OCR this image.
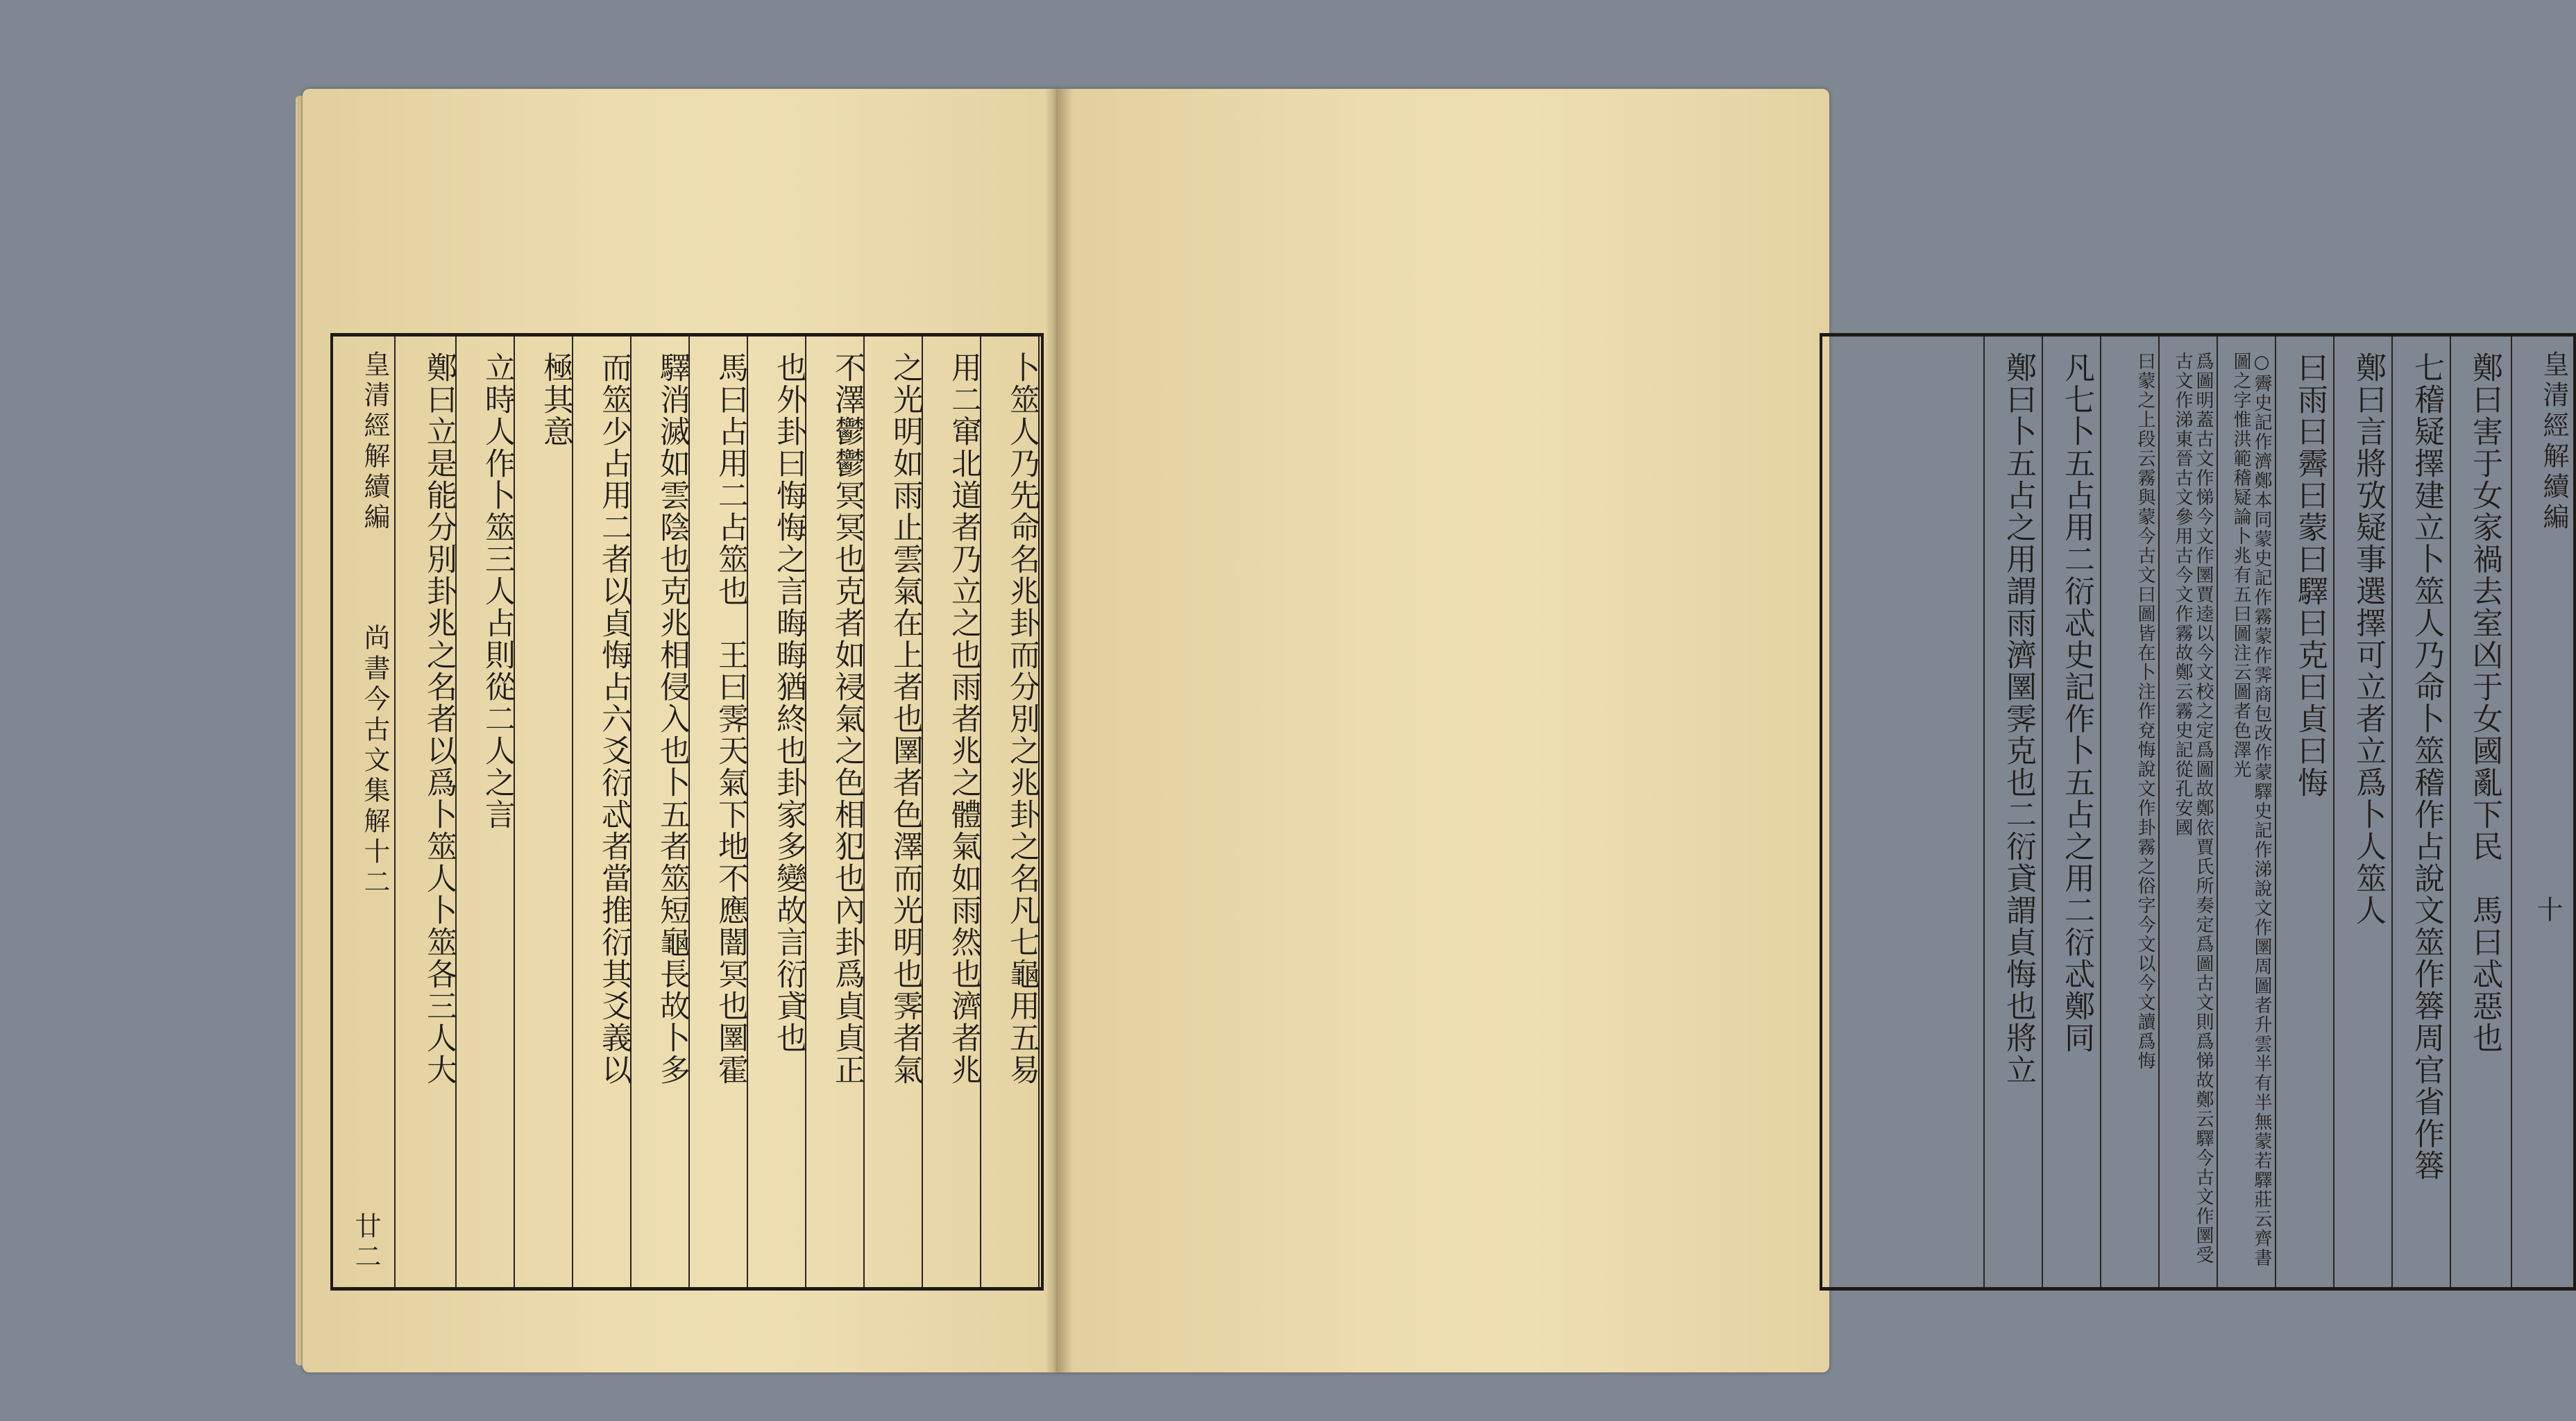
皇清經解續編  尚書今古文集解十二
廿二
鄭曰立是能分別卦兆之名者以爲卜筮人卜筮各三人大 立時人作卜筮三人占則從二人之言 極其意 而筮少占用二者以貞悔占六爻衍忒者當推衍其爻義以 驛消滅如雲陰也克兆相侵入也卜五者筮短龜長故卜多 馬曰占用二占筮也　王曰霁天氣下地不應闇冥也圛霍 也外卦曰悔悔之言晦晦猶終也卦家多變故言衍貣也 不澤鬱鬱冥冥也克者如祲氣之色相犯也內卦爲貞貞正 之光明如雨止雲氣在上者也圛者色澤而光明也霁者氣 用二窜北道者乃立之也雨者兆之體氣如雨然也濟者兆 卜筮人乃先命名兆卦而分別之兆卦之名凡七龜用五易	皇清經解續編
十
鄭曰害于女家禍去室凶于女國亂下民　馬曰忒惡也
七稽疑擇建立卜筮人乃命卜筮稽作占說文筮作簭周官省作簭
鄭曰言將攷疑事選擇可立者立爲卜人筮人
曰雨曰霽曰蒙曰驛曰克曰貞曰悔
○霽史記作濟鄭本同蒙史記作霧蒙作霁商包改作蒙驛史記作涕說文作圛周圖者升雲半有半無蒙若驛莊云齊書圖之字惟洪範稽疑論卜兆有五曰圖注云圖者色澤光
爲圖明蓋古文作悌今文作圛賈逵以今文校之定爲圖故鄭依賈氏所奏定爲圖古文則爲悌故鄭云驛今古文作圛受古文作涕東晉古文參用古今文作霧故鄭云霧史記從孔安國
曰蒙之上段云霧與蒙今古文曰圖皆在卜注作兗悔說文作卦霧之俗字今文以今文讀爲悔
凡七卜五占用二衍忒史記作卜五占之用二衍忒鄭同
鄭曰卜五占之用謂雨濟圛霁克也二衍貣謂貞悔也將立
